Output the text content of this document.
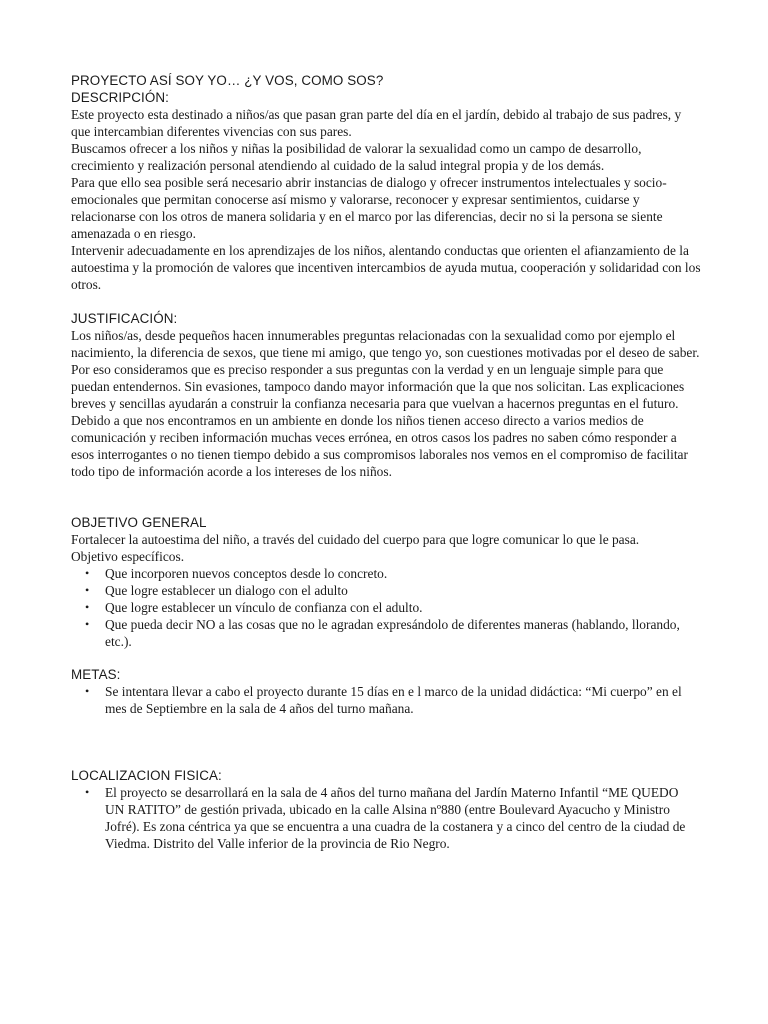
PROYECTO ASÍ SOY YO… ¿Y VOS, COMO SOS?

DESCRIPCIÓN:

Este proyecto esta destinado a niños/as que pasan gran parte del día en el jardín, debido al trabajo de sus padres, y que intercambian diferentes vivencias con sus pares.

Buscamos ofrecer a los niños y niñas la posibilidad de valorar la sexualidad como un campo de desarrollo, crecimiento y realización personal atendiendo al cuidado de la salud integral propia y de los demás.

Para que ello sea posible será necesario abrir instancias de dialogo y ofrecer instrumentos intelectuales y socio- emocionales que permitan conocerse así mismo y valorarse, reconocer y expresar sentimientos, cuidarse y relacionarse con los otros de manera solidaria y en el marco por las diferencias, decir no si la persona se siente amenazada o en riesgo.

Intervenir adecuadamente en los aprendizajes de los niños, alentando conductas que orienten el afianzamiento de la autoestima y la promoción de valores que incentiven intercambios de ayuda mutua, cooperación y solidaridad con los otros.

JUSTIFICACIÓN:

Los niños/as, desde pequeños hacen innumerables preguntas relacionadas con la sexualidad como por ejemplo el nacimiento, la diferencia de sexos, que tiene mi amigo, que tengo yo, son cuestiones motivadas por el deseo de saber. Por eso consideramos que es preciso responder a sus preguntas con la verdad y en un lenguaje simple para que puedan entendernos. Sin evasiones, tampoco dando mayor información que la que nos solicitan. Las explicaciones breves y sencillas ayudarán a construir la confianza necesaria para que vuelvan a hacernos preguntas en el futuro.

Debido a que nos encontramos en un ambiente en donde los niños tienen acceso directo a varios medios de comunicación y reciben información muchas veces errónea, en otros casos los padres no saben cómo responder a esos interrogantes o no tienen tiempo debido a sus compromisos laborales nos vemos en el compromiso de facilitar todo tipo de información acorde a los intereses de los niños.

OBJETIVO GENERAL

Fortalecer la autoestima del niño, a través del cuidado del cuerpo para que logre comunicar lo que le pasa.

Objetivo específicos.

• Que incorporen nuevos conceptos desde lo concreto.
• Que logre establecer un dialogo con el adulto
• Que logre establecer un vínculo de confianza con el adulto.
• Que pueda decir NO a las cosas que no le agradan expresándolo de diferentes maneras (hablando, llorando, etc.).

METAS:

• Se intentara llevar a cabo el proyecto durante 15 días en e l marco de la unidad didáctica: “Mi cuerpo” en el mes de Septiembre en la sala de 4 años del turno mañana.

LOCALIZACION FISICA:

• El proyecto se desarrollará en la sala de 4 años del turno mañana del Jardín Materno Infantil “ME QUEDO UN RATITO” de gestión privada, ubicado en la calle Alsina nº880 (entre Boulevard Ayacucho y Ministro Jofré). Es zona céntrica ya que se encuentra a una cuadra de la costanera y a cinco del centro de la ciudad de Viedma. Distrito del Valle inferior de la provincia de Rio Negro.
